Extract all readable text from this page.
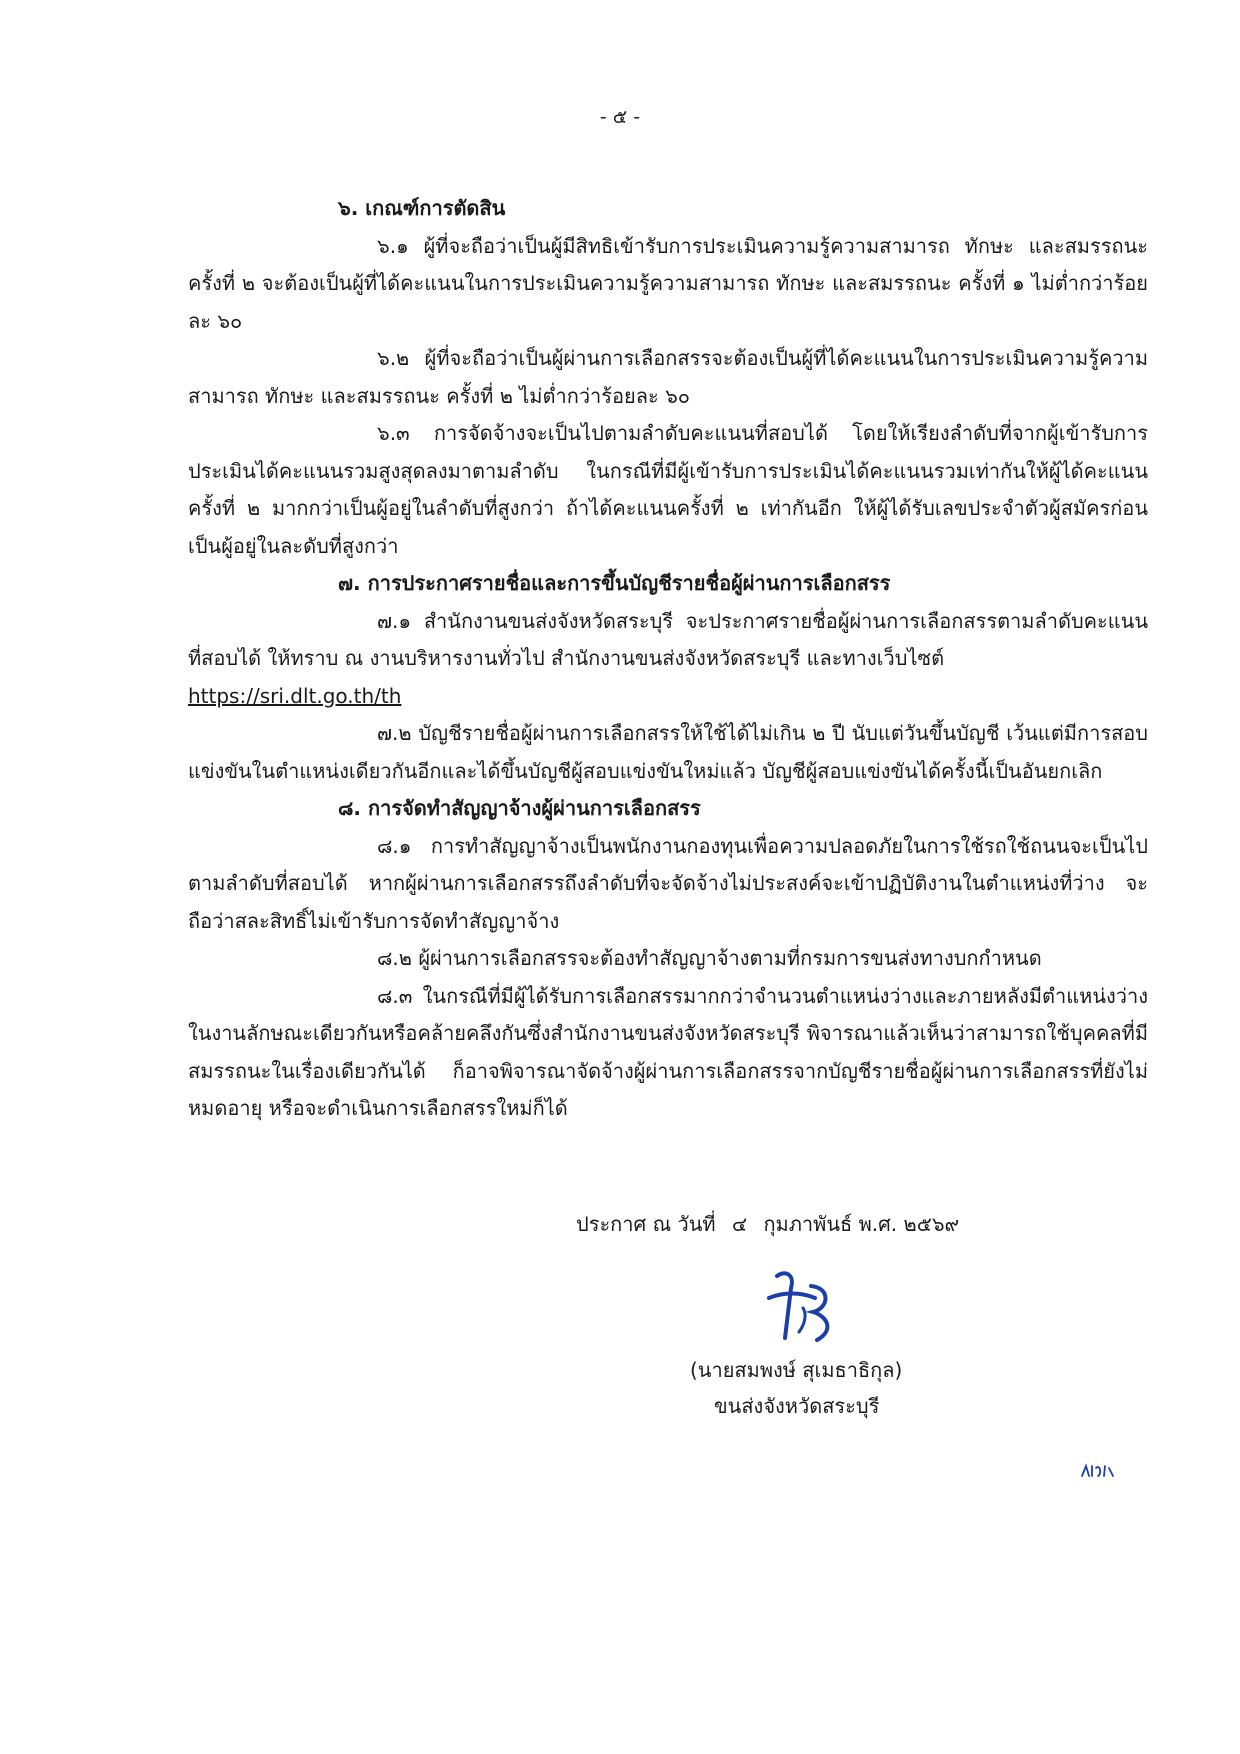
- ๕ -

๖. เกณฑ์การตัดสิน

๖.๑ ผู้ที่จะถือว่าเป็นผู้มีสิทธิเข้ารับการประเมินความรู้ความสามารถ ทักษะ และสมรรถนะ ครั้งที่ ๒ จะต้องเป็นผู้ที่ได้คะแนนในการประเมินความรู้ความสามารถ ทักษะ และสมรรถนะ ครั้งที่ ๑ ไม่ต่ำกว่าร้อยละ ๖๐

๖.๒ ผู้ที่จะถือว่าเป็นผู้ผ่านการเลือกสรรจะต้องเป็นผู้ที่ได้คะแนนในการประเมินความรู้ความสามารถ ทักษะ และสมรรถนะ ครั้งที่ ๒ ไม่ต่ำกว่าร้อยละ ๖๐

๖.๓ การจัดจ้างจะเป็นไปตามลำดับคะแนนที่สอบได้ โดยให้เรียงลำดับที่จากผู้เข้ารับการประเมินได้คะแนนรวมสูงสุดลงมาตามลำดับ ในกรณีที่มีผู้เข้ารับการประเมินได้คะแนนรวมเท่ากันให้ผู้ได้คะแนนครั้งที่ ๒ มากกว่าเป็นผู้อยู่ในลำดับที่สูงกว่า ถ้าได้คะแนนครั้งที่ ๒ เท่ากันอีก ให้ผู้ได้รับเลขประจำตัวผู้สมัครก่อนเป็นผู้อยู่ในละดับที่สูงกว่า

๗. การประกาศรายชื่อและการขึ้นบัญชีรายชื่อผู้ผ่านการเลือกสรร

๗.๑ สำนักงานขนส่งจังหวัดสระบุรี จะประกาศรายชื่อผู้ผ่านการเลือกสรรตามลำดับคะแนนที่สอบได้ ให้ทราบ ณ งานบริหารงานทั่วไป สำนักงานขนส่งจังหวัดสระบุรี และทางเว็บไซต์

https://sri.dlt.go.th/th

๗.๒ บัญชีรายชื่อผู้ผ่านการเลือกสรรให้ใช้ได้ไม่เกิน ๒ ปี นับแต่วันขึ้นบัญชี เว้นแต่มีการสอบแข่งขันในตำแหน่งเดียวกันอีกและได้ขึ้นบัญชีผู้สอบแข่งขันใหม่แล้ว บัญชีผู้สอบแข่งขันได้ครั้งนี้เป็นอันยกเลิก

๘. การจัดทำสัญญาจ้างผู้ผ่านการเลือกสรร

๘.๑ การทำสัญญาจ้างเป็นพนักงานกองทุนเพื่อความปลอดภัยในการใช้รถใช้ถนนจะเป็นไปตามลำดับที่สอบได้ หากผู้ผ่านการเลือกสรรถึงลำดับที่จะจัดจ้างไม่ประสงค์จะเข้าปฏิบัติงานในตำแหน่งที่ว่าง จะถือว่าสละสิทธิ์ไม่เข้ารับการจัดทำสัญญาจ้าง

๘.๒ ผู้ผ่านการเลือกสรรจะต้องทำสัญญาจ้างตามที่กรมการขนส่งทางบกกำหนด

๘.๓ ในกรณีที่มีผู้ได้รับการเลือกสรรมากกว่าจำนวนตำแหน่งว่างและภายหลังมีตำแหน่งว่างในงานลักษณะเดียวกันหรือคล้ายคลึงกันซึ่งสำนักงานขนส่งจังหวัดสระบุรี พิจารณาแล้วเห็นว่าสามารถใช้บุคคลที่มีสมรรถนะในเรื่องเดียวกันได้ ก็อาจพิจารณาจัดจ้างผู้ผ่านการเลือกสรรจากบัญชีรายชื่อผู้ผ่านการเลือกสรรที่ยังไม่หมดอายุ หรือจะดำเนินการเลือกสรรใหม่ก็ได้

ประกาศ ณ วันที่ ๔ กุมภาพันธ์ พ.ศ. ๒๕๖๙
(นายสมพงษ์ สุเมธาธิกุล)
ขนส่งจังหวัดสระบุรี
